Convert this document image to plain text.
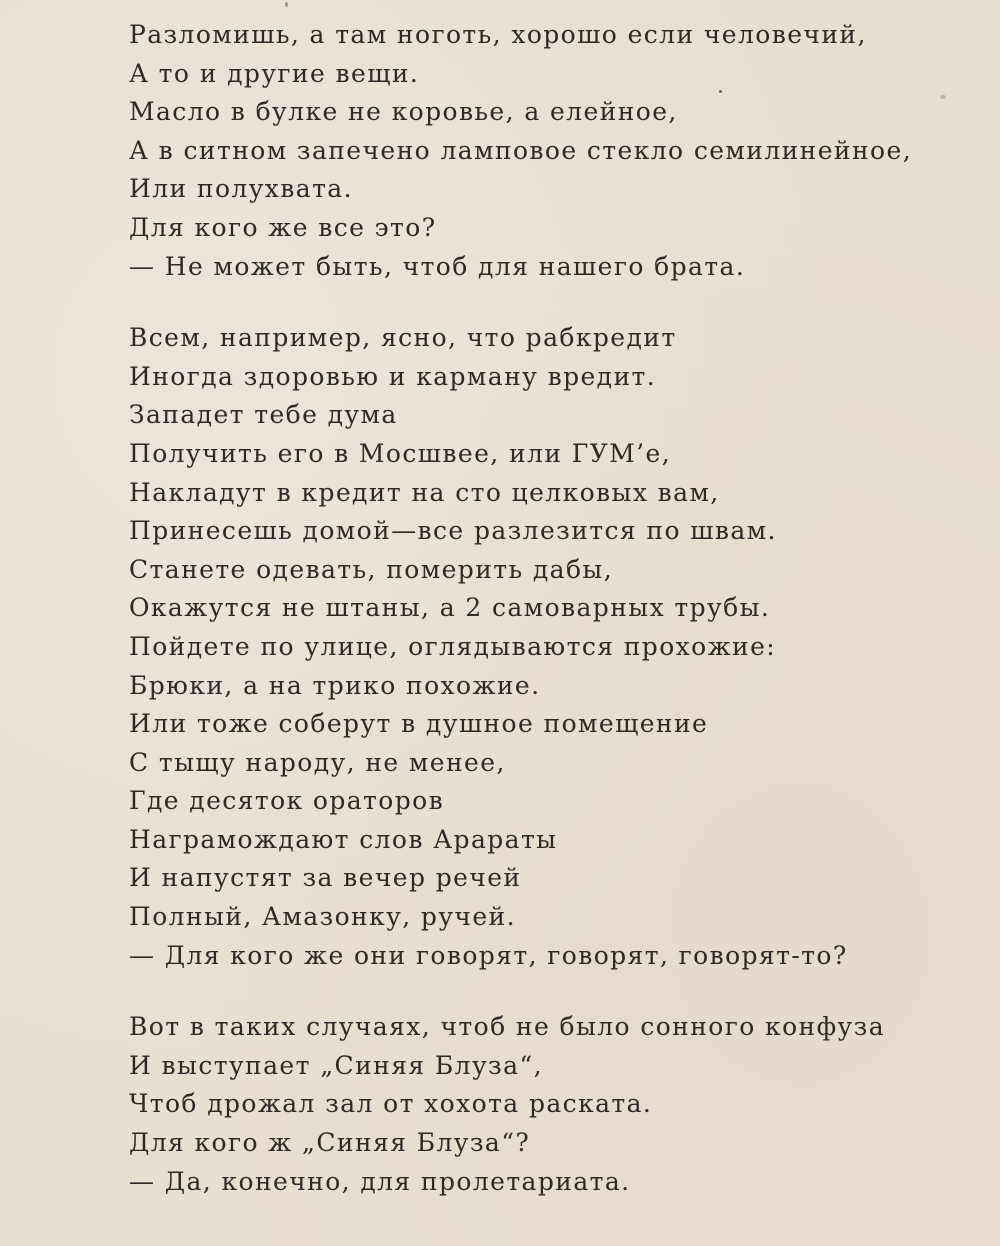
Разломишь, а там ноготь, хорошо если человечий,
А то и другие вещи.
Масло в булке не коровье, а елейное,
А в ситном запечено ламповое стекло семилинейное,
Или полухвата.
Для кого же все это?
— Не может быть, чтоб для нашего брата.
Всем, например, ясно, что рабкредит
Иногда здоровью и карману вредит.
Западет тебе дума
Получить его в Мосшвее, или ГУМ’е,
Накладут в кредит на сто целковых вам,
Принесешь домой—все разлезится по швам.
Станете одевать, померить дабы,
Окажутся не штаны, а 2 самоварных трубы.
Пойдете по улице, оглядываются прохожие:
Брюки, а на трико похожие.
Или тоже соберут в душное помещение
С тыщу народу, не менее,
Где десяток ораторов
Награмождают слов Арараты
И напустят за вечер речей
Полный, Амазонку, ручей.
— Для кого же они говорят, говорят, говорят-то?
Вот в таких случаях, чтоб не было сонного конфуза
И выступает „Синяя Блуза“,
Чтоб дрожал зал от хохота раската.
Для кого ж „Синяя Блуза“?
— Да, конечно, для пролетариата.
